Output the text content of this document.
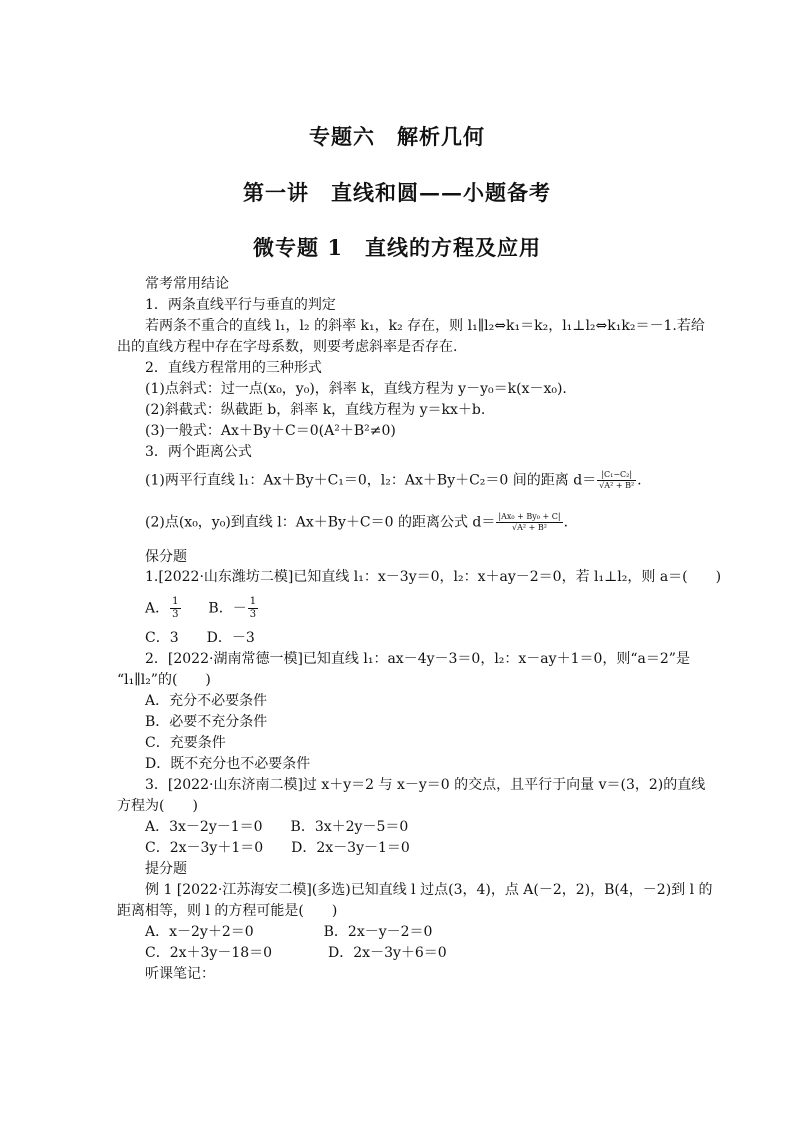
专题六　解析几何
第一讲　直线和圆——小题备考
微专题 1　直线的方程及应用
常考常用结论
1．两条直线平行与垂直的判定
若两条不重合的直线 l₁，l₂ 的斜率 k₁，k₂ 存在，则 l₁∥l₂⇔k₁＝k₂，l₁⊥l₂⇔k₁k₂＝－1.若给
出的直线方程中存在字母系数，则要考虑斜率是否存在.
2．直线方程常用的三种形式
(1)点斜式：过一点(x₀，y₀)，斜率 k，直线方程为 y－y₀＝k(x－x₀).
(2)斜截式：纵截距 b，斜率 k，直线方程为 y＝kx＋b.
(3)一般式：Ax＋By＋C＝0(A²＋B²≠0)
3．两个距离公式
(1)两平行直线 l₁：Ax＋By＋C₁＝0，l₂：Ax＋By＋C₂＝0 间的距离 $d= \frac{\text{|C₁−C₂|}}{\text{√A² + B²}}$ .
(2)点(x₀，y₀)到直线 l：Ax＋By＋C＝0 的距离公式 $d= \frac{\text{|Ax₀ + By₀ + C|}}{\text{√A² + B²}}$ .
保分题
1.[2022·山东潍坊二模]已知直线 l₁：x－3y＝0，l₂：x＋ay－2＝0，若 l₁⊥l₂，则 a＝(　　)
A． $\frac{1}{3}$ B．－ $\frac{1}{3}$
C．3　　D．－3
2．[2022·湖南常德一模]已知直线 l₁：ax－4y－3＝0，l₂：x－ay＋1＝0，则“a＝2”是
“l₁∥l₂”的(　　)
A．充分不必要条件
B．必要不充分条件
C．充要条件
D．既不充分也不必要条件
3．[2022·山东济南二模]过 x＋y＝2 与 x－y＝0 的交点，且平行于向量 v＝(3，2)的直线
方程为(　　)
A．3x－2y－1＝0　　B．3x＋2y－5＝0
C．2x－3y＋1＝0　　D．2x－3y－1＝0
提分题
例 1 [2022·江苏海安二模](多选)已知直线 l 过点(3，4)，点 A(－2，2)，B(4，－2)到 l 的
距离相等，则 l 的方程可能是(　　)
A．x－2y＋2＝0　　　　　B．2x－y－2＝0
C．2x＋3y－18＝0　　　　D．2x－3y＋6＝0
听课笔记：
